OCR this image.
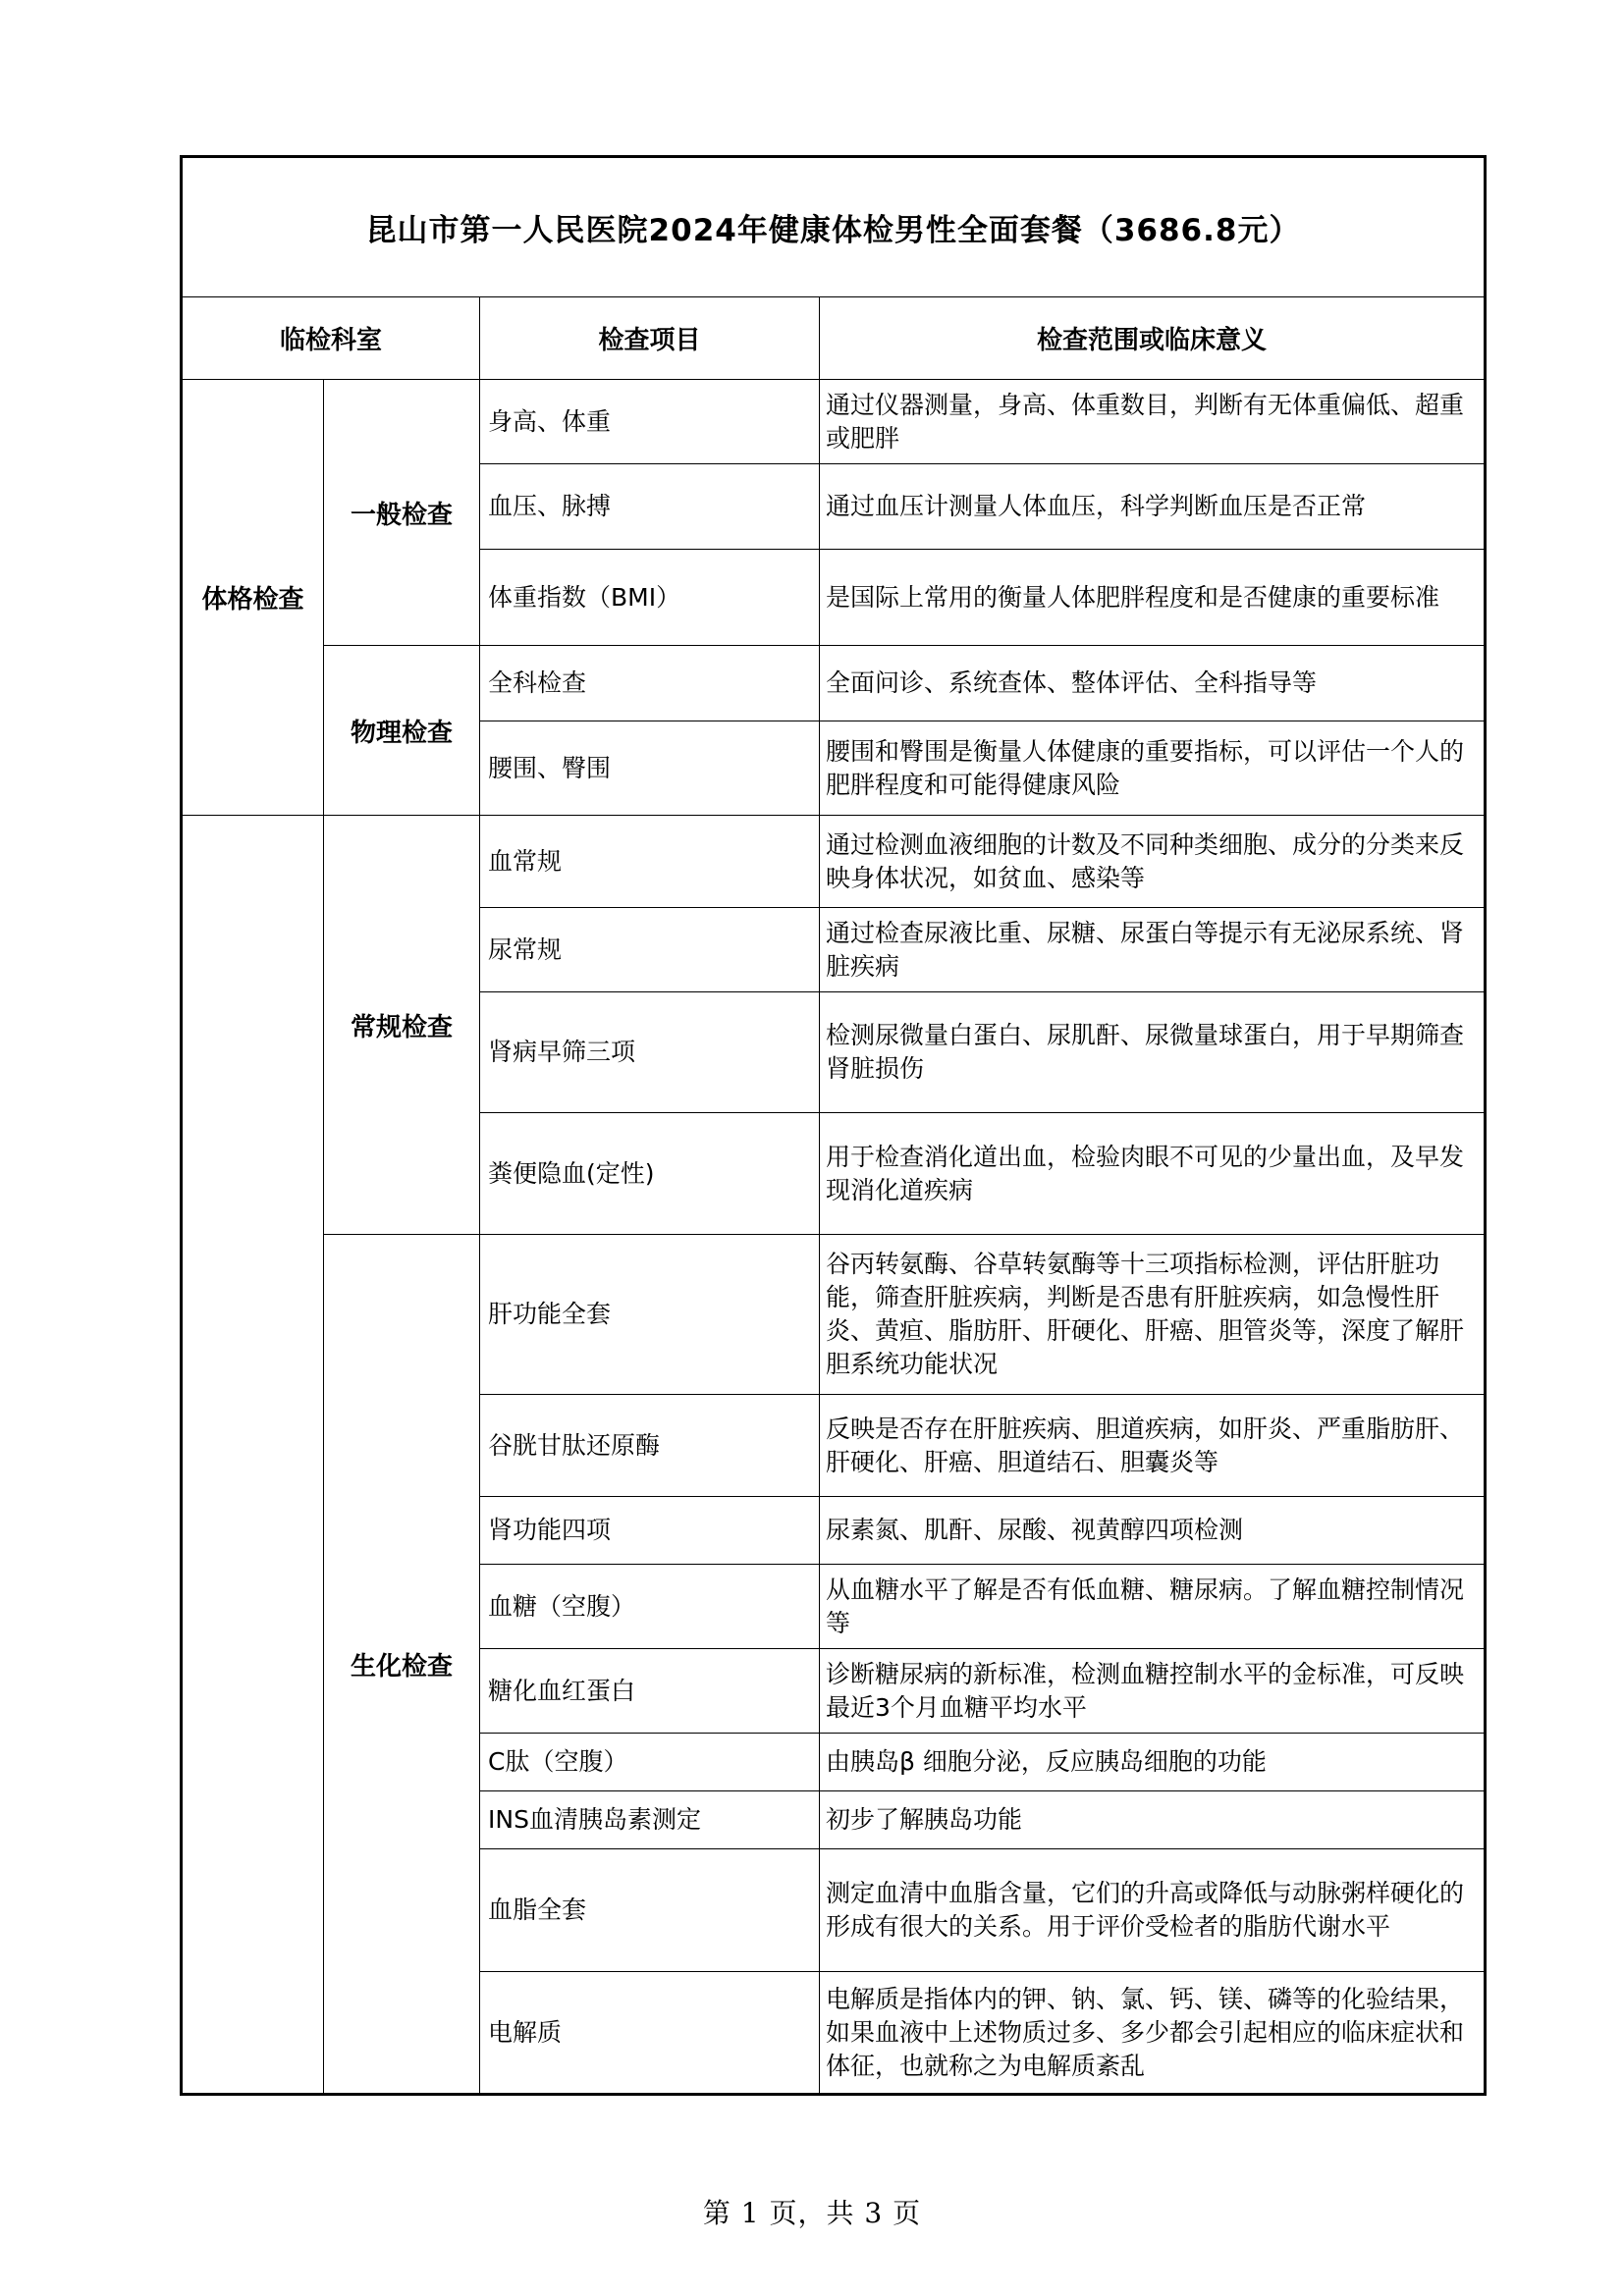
昆山市第一人民医院2024年健康体检男性全面套餐（3686.8元）			
临检科室		检查项目	检查范围或临床意义
体格检查	一般检查	身高、体重	通过仪器测量，身高、体重数目，判断有无体重偏低、超重或肥胖
		血压、脉搏	通过血压计测量人体血压，科学判断血压是否正常
		体重指数（BMI）	是国际上常用的衡量人体肥胖程度和是否健康的重要标准
	物理检查	全科检查	全面问诊、系统查体、整体评估、全科指导等
		腰围、臀围	腰围和臀围是衡量人体健康的重要指标，可以评估一个人的肥胖程度和可能得健康风险
	常规检查	血常规	通过检测血液细胞的计数及不同种类细胞、成分的分类来反映身体状况，如贫血、感染等
		尿常规	通过检查尿液比重、尿糖、尿蛋白等提示有无泌尿系统、肾脏疾病
		肾病早筛三项	检测尿微量白蛋白、尿肌酐、尿微量球蛋白，用于早期筛查肾脏损伤
		粪便隐血(定性)	用于检查消化道出血，检验肉眼不可见的少量出血，及早发现消化道疾病
	生化检查	肝功能全套	谷丙转氨酶、谷草转氨酶等十三项指标检测，评估肝脏功能，筛查肝脏疾病，判断是否患有肝脏疾病，如急慢性肝炎、黄疸、脂肪肝、肝硬化、肝癌、胆管炎等，深度了解肝胆系统功能状况
		谷胱甘肽还原酶	反映是否存在肝脏疾病、胆道疾病，如肝炎、严重脂肪肝、肝硬化、肝癌、胆道结石、胆囊炎等
		肾功能四项	尿素氮、肌酐、尿酸、视黄醇四项检测
		血糖（空腹）	从血糖水平了解是否有低血糖、糖尿病。了解血糖控制情况等
		糖化血红蛋白	诊断糖尿病的新标准，检测血糖控制水平的金标准，可反映最近3个月血糖平均水平
		C肽（空腹）	由胰岛β 细胞分泌，反应胰岛细胞的功能
		INS血清胰岛素测定	初步了解胰岛功能
		血脂全套	测定血清中血脂含量，它们的升高或降低与动脉粥样硬化的形成有很大的关系。用于评价受检者的脂肪代谢水平
		电解质	电解质是指体内的钾、钠、氯、钙、镁、磷等的化验结果，如果血液中上述物质过多、多少都会引起相应的临床症状和体征，也就称之为电解质紊乱
第 1 页，共 3 页
